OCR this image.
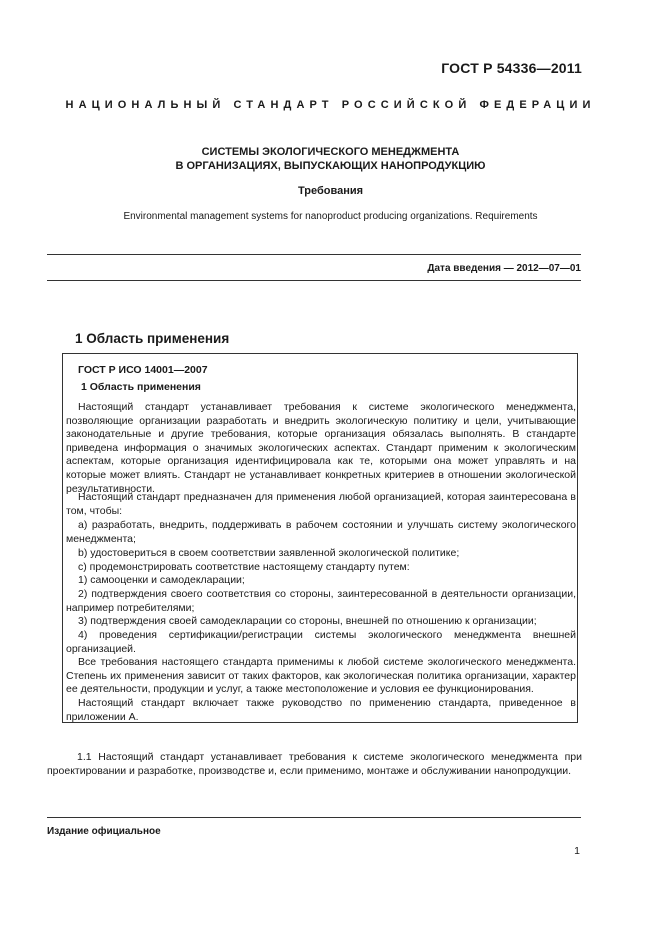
ГОСТ Р 54336—2011
НАЦИОНАЛЬНЫЙ СТАНДАРТ РОССИЙСКОЙ ФЕДЕРАЦИИ
СИСТЕМЫ ЭКОЛОГИЧЕСКОГО МЕНЕДЖМЕНТА
В ОРГАНИЗАЦИЯХ, ВЫПУСКАЮЩИХ НАНОПРОДУКЦИЮ
Требования
Environmental management systems for nanoproduct producing organizations. Requirements
Дата введения — 2012—07—01
1 Область применения
ГОСТ Р ИСО 14001—2007
1 Область применения
Настоящий стандарт устанавливает требования к системе экологического менеджмента, позволяющие организации разработать и внедрить экологическую политику и цели, учитывающие законодательные и другие требования, которые организация обязалась выполнять. В стандарте приведена информация о значимых экологических аспектах. Стандарт применим к экологическим аспектам, которые организация идентифицировала как те, которыми она может управлять и на которые может влиять. Стандарт не устанавливает конкретных критериев в отношении экологической результативности.
Настоящий стандарт предназначен для применения любой организацией, которая заинтересована в том, чтобы:
a) разработать, внедрить, поддерживать в рабочем состоянии и улучшать систему экологического менеджмента;
b) удостовериться в своем соответствии заявленной экологической политике;
c) продемонстрировать соответствие настоящему стандарту путем:
1) самооценки и самодекларации;
2) подтверждения своего соответствия со стороны, заинтересованной в деятельности организации, например потребителями;
3) подтверждения своей самодекларации со стороны, внешней по отношению к организации;
4) проведения сертификации/регистрации системы экологического менеджмента внешней организацией.
Все требования настоящего стандарта применимы к любой системе экологического менеджмента. Степень их применения зависит от таких факторов, как экологическая политика организации, характер ее деятельности, продукции и услуг, а также местоположение и условия ее функционирования.
Настоящий стандарт включает также руководство по применению стандарта, приведенное в приложении А.
1.1 Настоящий стандарт устанавливает требования к системе экологического менеджмента при проектировании и разработке, производстве и, если применимо, монтаже и обслуживании нанопродукции.
Издание официальное
1
